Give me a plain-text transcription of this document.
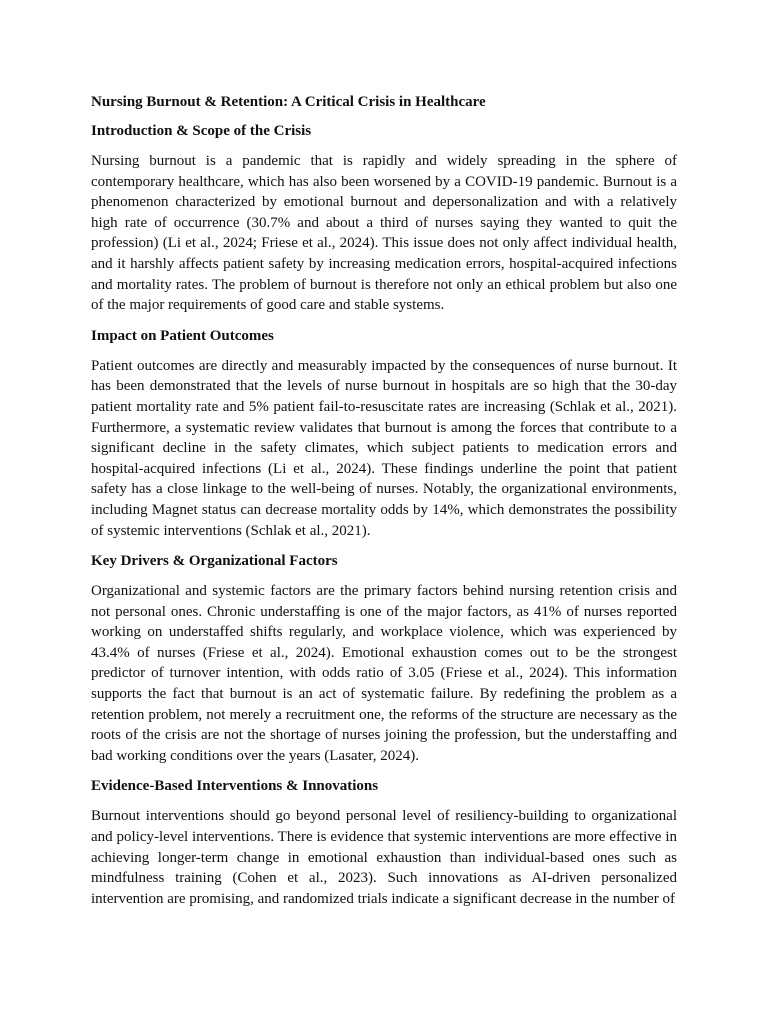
Nursing Burnout & Retention: A Critical Crisis in Healthcare
Introduction & Scope of the Crisis

Nursing burnout is a pandemic that is rapidly and widely spreading in the sphere of contemporary healthcare, which has also been worsened by a COVID-19 pandemic. Burnout is a phenomenon characterized by emotional burnout and depersonalization and with a relatively high rate of occurrence (30.7% and about a third of nurses saying they wanted to quit the profession) (Li et al., 2024; Friese et al., 2024). This issue does not only affect individual health, and it harshly affects patient safety by increasing medication errors, hospital-acquired infections and mortality rates. The problem of burnout is therefore not only an ethical problem but also one of the major requirements of good care and stable systems.

Impact on Patient Outcomes

Patient outcomes are directly and measurably impacted by the consequences of nurse burnout. It has been demonstrated that the levels of nurse burnout in hospitals are so high that the 30-day patient mortality rate and 5% patient fail-to-resuscitate rates are increasing (Schlak et al., 2021). Furthermore, a systematic review validates that burnout is among the forces that contribute to a significant decline in the safety climates, which subject patients to medication errors and hospital-acquired infections (Li et al., 2024). These findings underline the point that patient safety has a close linkage to the well-being of nurses. Notably, the organizational environments, including Magnet status can decrease mortality odds by 14%, which demonstrates the possibility of systemic interventions (Schlak et al., 2021).

Key Drivers & Organizational Factors

Organizational and systemic factors are the primary factors behind nursing retention crisis and not personal ones. Chronic understaffing is one of the major factors, as 41% of nurses reported working on understaffed shifts regularly, and workplace violence, which was experienced by 43.4% of nurses (Friese et al., 2024). Emotional exhaustion comes out to be the strongest predictor of turnover intention, with odds ratio of 3.05 (Friese et al., 2024). This information supports the fact that burnout is an act of systematic failure. By redefining the problem as a retention problem, not merely a recruitment one, the reforms of the structure are necessary as the roots of the crisis are not the shortage of nurses joining the profession, but the understaffing and bad working conditions over the years (Lasater, 2024).

Evidence-Based Interventions & Innovations

Burnout interventions should go beyond personal level of resiliency-building to organizational and policy-level interventions. There is evidence that systemic interventions are more effective in achieving longer-term change in emotional exhaustion than individual-based ones such as mindfulness training (Cohen et al., 2023). Such innovations as AI-driven personalized intervention are promising, and randomized trials indicate a significant decrease in the number of
